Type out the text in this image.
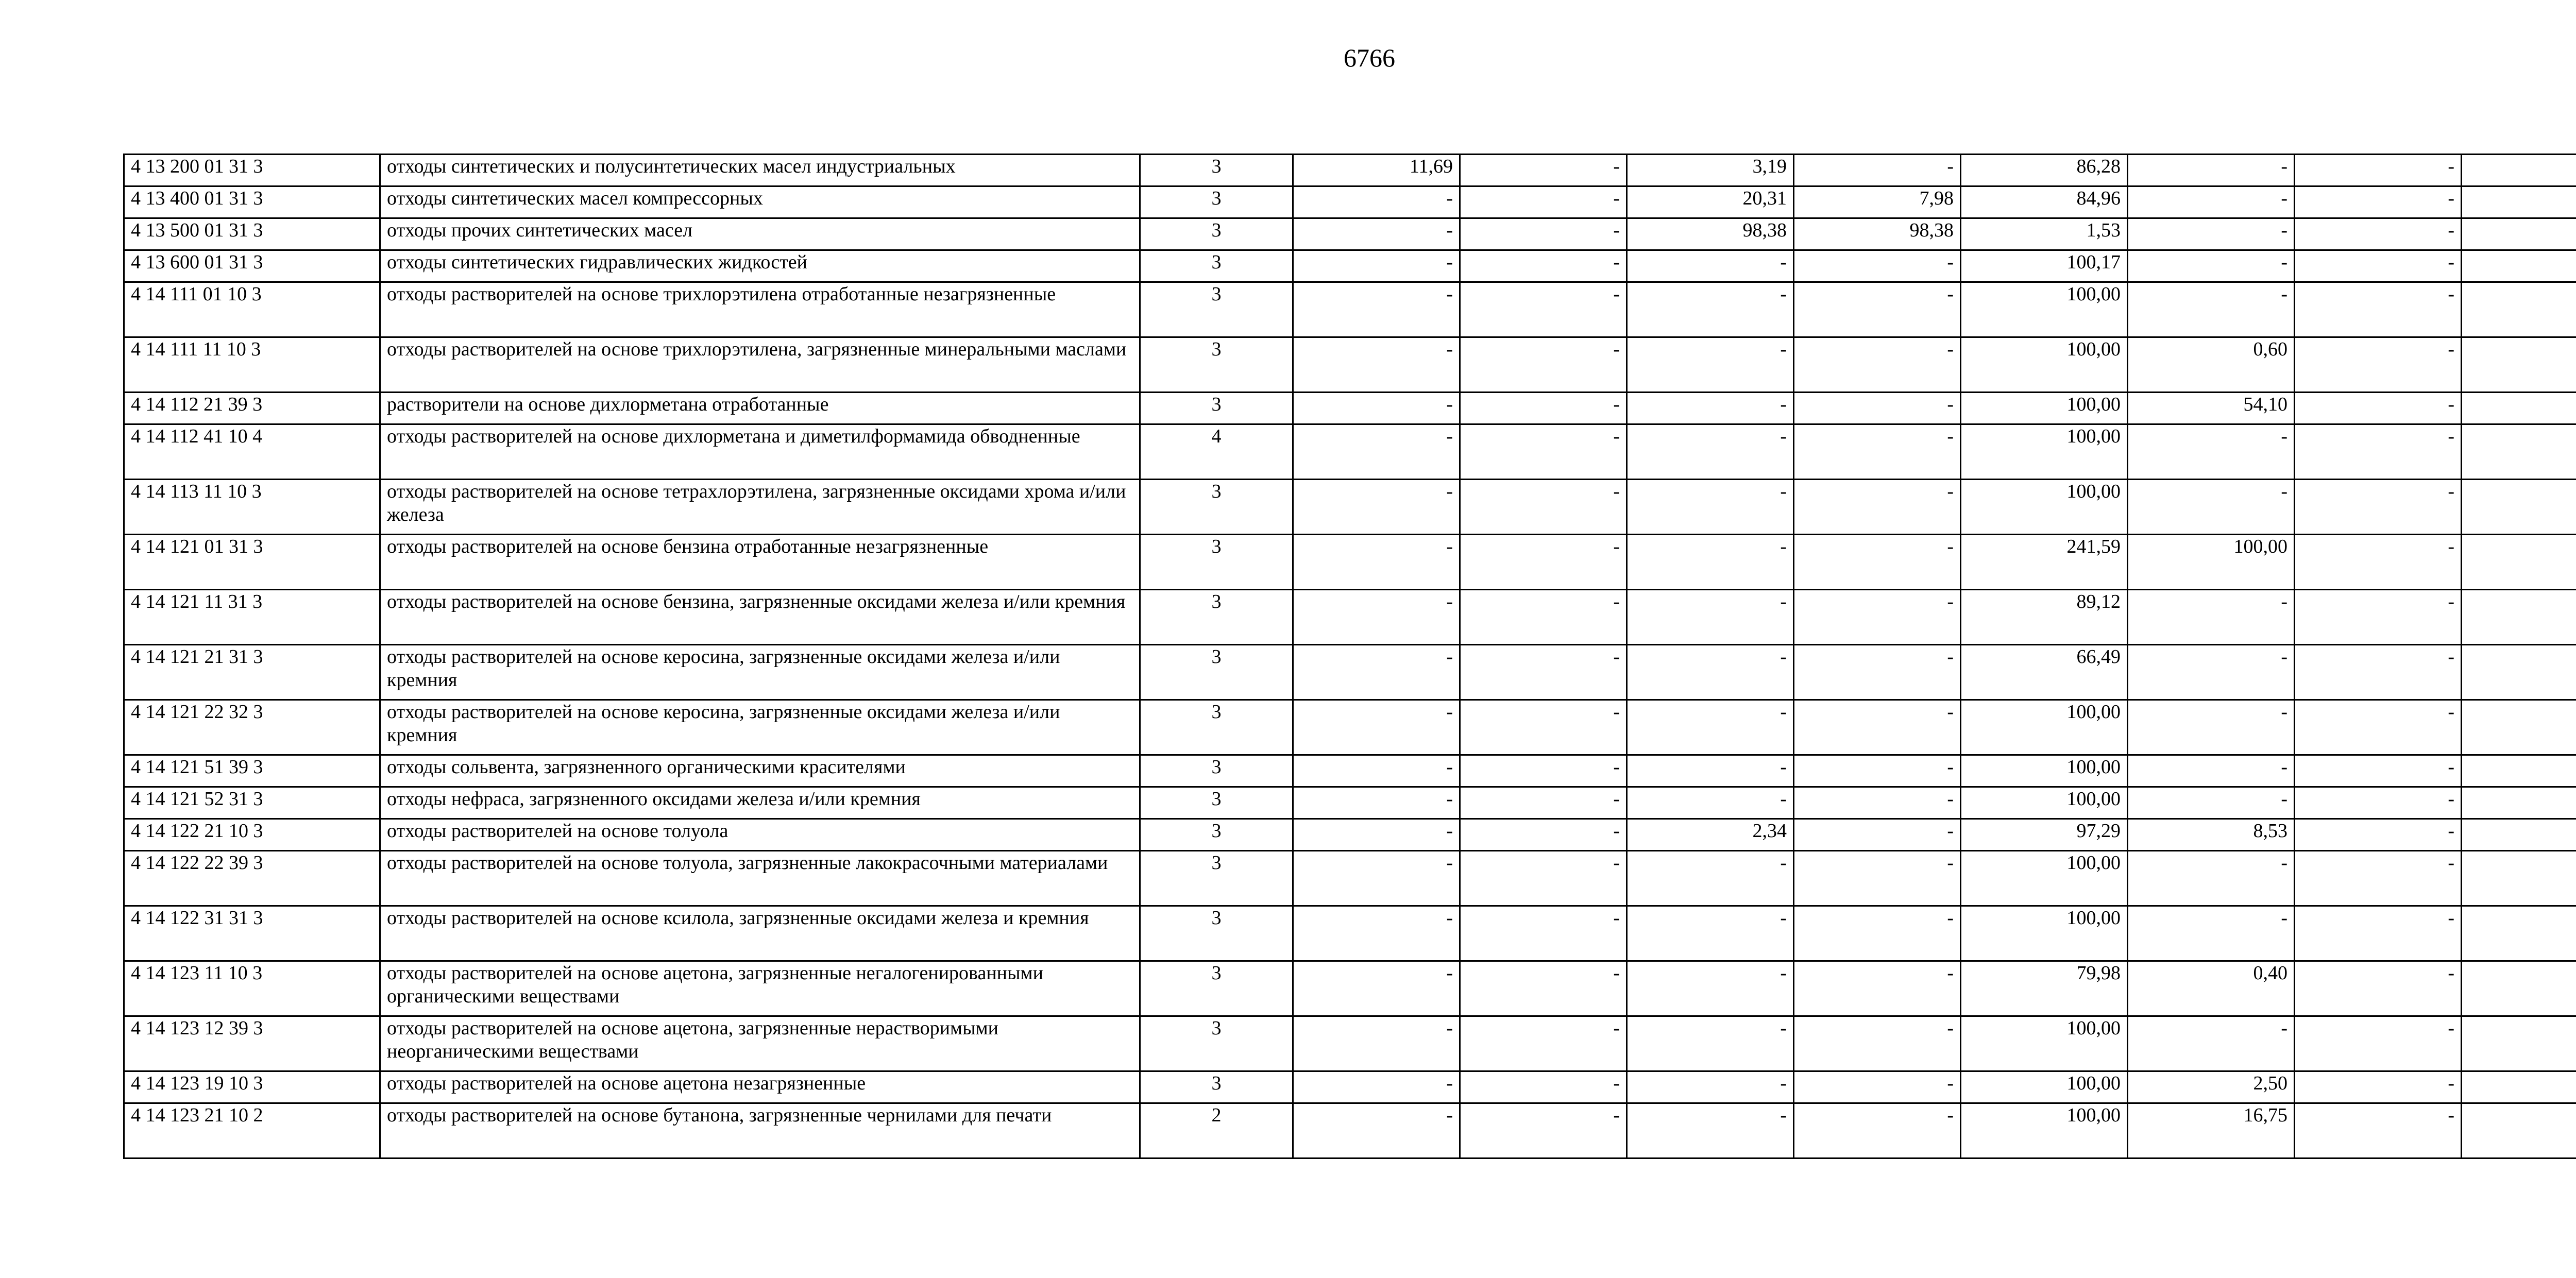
6766
4 13 200 01 31 3	отходы синтетических и полусинтетических масел индустриальных	3	11,69	-	3,19	-	86,28	-	-	
4 13 400 01 31 3	отходы синтетических масел компрессорных	3	-	-	20,31	7,98	84,96	-	-	
4 13 500 01 31 3	отходы прочих синтетических масел	3	-	-	98,38	98,38	1,53	-	-	
4 13 600 01 31 3	отходы синтетических гидравлических жидкостей	3	-	-	-	-	100,17	-	-	
4 14 111 01 10 3	отходы растворителей на основе трихлорэтилена отработанные незагрязненные	3	-	-	-	-	100,00	-	-	
4 14 111 11 10 3	отходы растворителей на основе трихлорэтилена, загрязненные минеральными маслами	3	-	-	-	-	100,00	0,60	-	
4 14 112 21 39 3	растворители на основе дихлорметана отработанные	3	-	-	-	-	100,00	54,10	-	
4 14 112 41 10 4	отходы растворителей на основе дихлорметана и диметилформамида обводненные	4	-	-	-	-	100,00	-	-	
4 14 113 11 10 3	отходы растворителей на основе тетрахлорэтилена, загрязненные оксидами хрома и/или железа	3	-	-	-	-	100,00	-	-	
4 14 121 01 31 3	отходы растворителей на основе бензина отработанные незагрязненные	3	-	-	-	-	241,59	100,00	-	
4 14 121 11 31 3	отходы растворителей на основе бензина, загрязненные оксидами железа и/или кремния	3	-	-	-	-	89,12	-	-	
4 14 121 21 31 3	отходы растворителей на основе керосина, загрязненные оксидами железа и/или кремния	3	-	-	-	-	66,49	-	-	
4 14 121 22 32 3	отходы растворителей на основе керосина, загрязненные оксидами железа и/или кремния	3	-	-	-	-	100,00	-	-	
4 14 121 51 39 3	отходы сольвента, загрязненного органическими красителями	3	-	-	-	-	100,00	-	-	
4 14 121 52 31 3	отходы нефраса, загрязненного оксидами железа и/или кремния	3	-	-	-	-	100,00	-	-	
4 14 122 21 10 3	отходы растворителей на основе толуола	3	-	-	2,34	-	97,29	8,53	-	
4 14 122 22 39 3	отходы растворителей на основе толуола, загрязненные лакокрасочными материалами	3	-	-	-	-	100,00	-	-	
4 14 122 31 31 3	отходы растворителей на основе ксилола, загрязненные оксидами железа и кремния	3	-	-	-	-	100,00	-	-	
4 14 123 11 10 3	отходы растворителей на основе ацетона, загрязненные негалогенированными органическими веществами	3	-	-	-	-	79,98	0,40	-	
4 14 123 12 39 3	отходы растворителей на основе ацетона, загрязненные нерастворимыми неорганическими веществами	3	-	-	-	-	100,00	-	-	
4 14 123 19 10 3	отходы растворителей на основе ацетона незагрязненные	3	-	-	-	-	100,00	2,50	-	
4 14 123 21 10 2	отходы растворителей на основе бутанона, загрязненные чернилами для печати	2	-	-	-	-	100,00	16,75	-	
